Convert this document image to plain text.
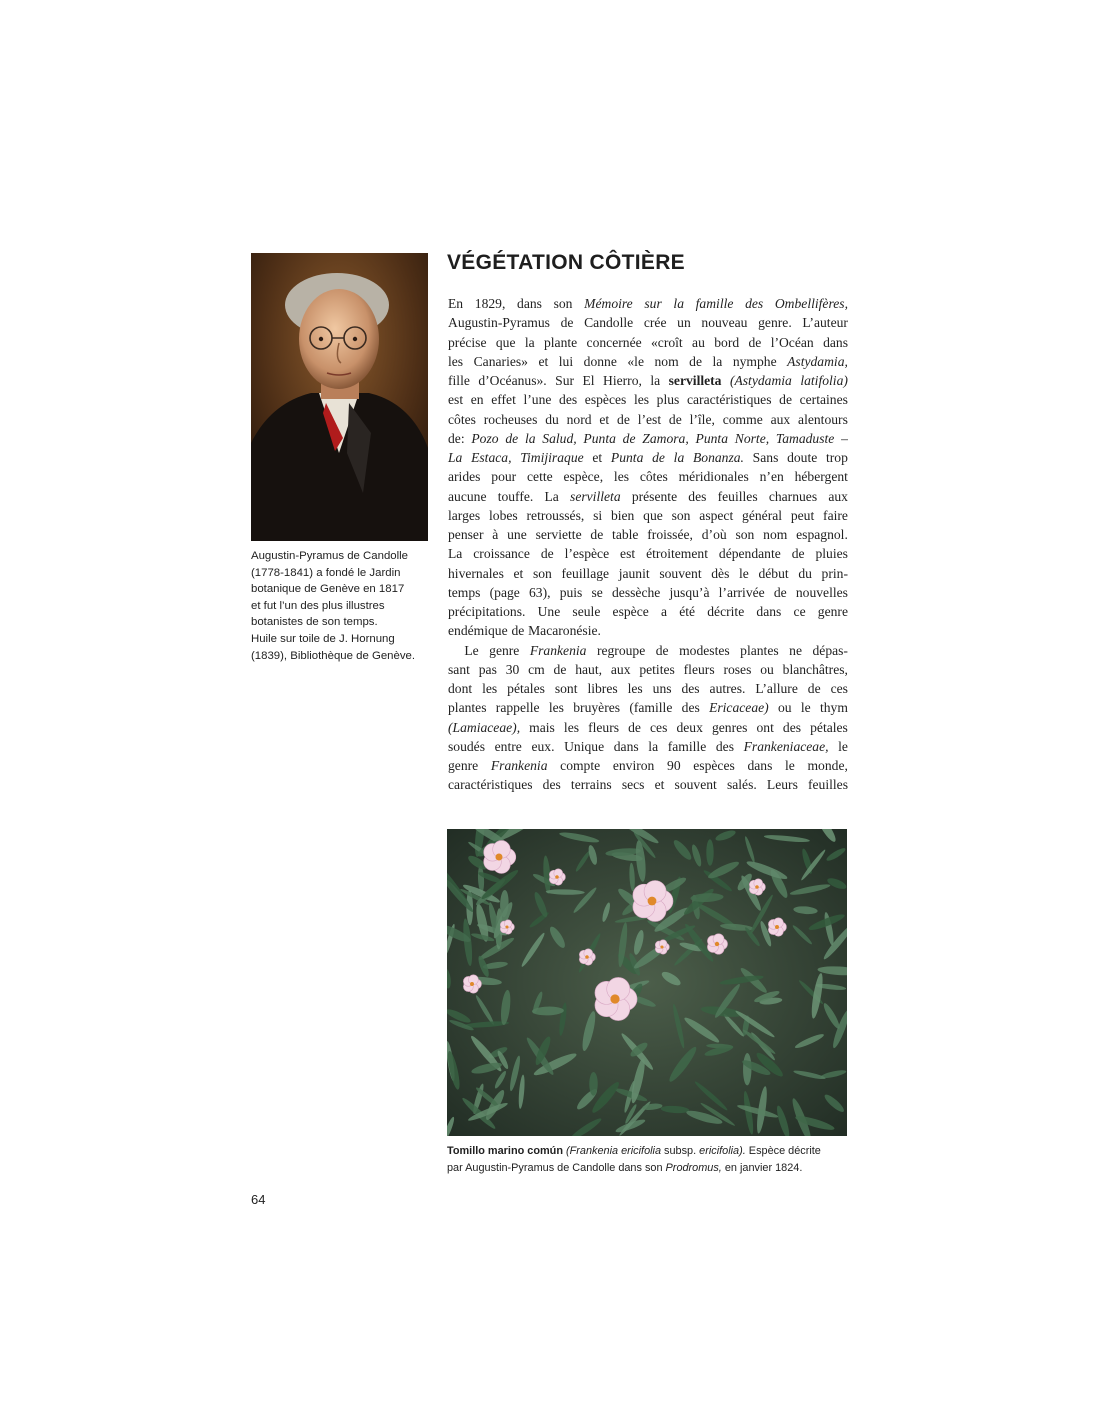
Augustin-Pyramus de Candolle
(1778-1841) a fondé le Jardin
botanique de Genève en 1817
et fut l’un des plus illustres
botanistes de son temps.
Huile sur toile de J. Hornung
(1839), Bibliothèque de Genève.
VÉGÉTATION CÔTIÈRE
En 1829, dans son Mémoire sur la famille des Ombellifères,
Augustin-Pyramus de Candolle crée un nouveau genre. L’auteur
précise que la plante concernée «croît au bord de l’Océan dans
les Canaries» et lui donne «le nom de la nymphe Astydamia,
fille d’Océanus». Sur El Hierro, la servilleta (Astydamia latifolia)
est en effet l’une des espèces les plus caractéristiques de certaines
côtes rocheuses du nord et de l’est de l’île, comme aux alentours
de: Pozo de la Salud, Punta de Zamora, Punta Norte, Tamaduste –
La Estaca, Timijiraque et Punta de la Bonanza. Sans doute trop
arides pour cette espèce, les côtes méridionales n’en hébergent
aucune touffe. La servilleta présente des feuilles charnues aux
larges lobes retroussés, si bien que son aspect général peut faire
penser à une serviette de table froissée, d’où son nom espagnol.
La croissance de l’espèce est étroitement dépendante de pluies
hivernales et son feuillage jaunit souvent dès le début du prin-
temps (page 63), puis se dessèche jusqu’à l’arrivée de nouvelles
précipitations. Une seule espèce a été décrite dans ce genre
endémique de Macaronésie.
Le genre Frankenia regroupe de modestes plantes ne dépas-
sant pas 30 cm de haut, aux petites fleurs roses ou blanchâtres,
dont les pétales sont libres les uns des autres. L’allure de ces
plantes rappelle les bruyères (famille des Ericaceae) ou le thym
(Lamiaceae), mais les fleurs de ces deux genres ont des pétales
soudés entre eux. Unique dans la famille des Frankeniaceae, le
genre Frankenia compte environ 90 espèces dans le monde,
caractéristiques des terrains secs et souvent salés. Leurs feuilles
Tomillo marino común (Frankenia ericifolia subsp. ericifolia). Espèce décrite
par Augustin-Pyramus de Candolle dans son Prodromus, en janvier 1824.
64
